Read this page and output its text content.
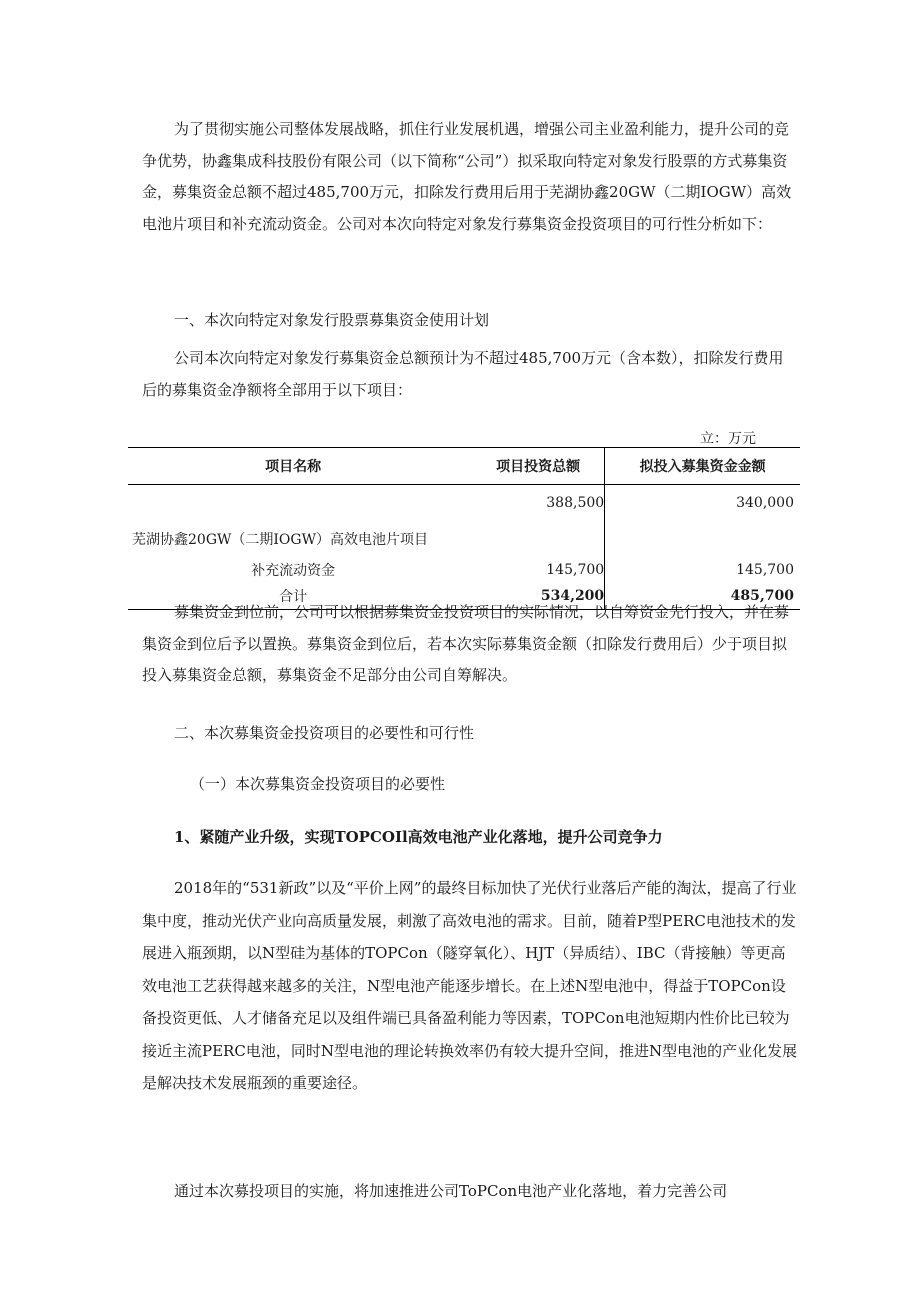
为了贯彻实施公司整体发展战略，抓住行业发展机遇，增强公司主业盈利能力，提升公司的竞争优势，协鑫集成科技股份有限公司（以下简称“公司”）拟采取向特定对象发行股票的方式募集资金，募集资金总额不超过485,700万元，扣除发行费用后用于芜湖协鑫20GW（二期IOGW）高效电池片项目和补充流动资金。公司对本次向特定对象发行募集资金投资项目的可行性分析如下：

一、本次向特定对象发行股票募集资金使用计划

公司本次向特定对象发行募集资金总额预计为不超过485,700万元（含本数），扣除发行费用后的募集资金净额将全部用于以下项目：

立：万元
项目名称	项目投资总额	拟投入募集资金金额
芜湖协鑫20GW（二期IOGW）高效电池片项目	388,500	340,000
补充流动资金	145,700	145,700
合计	534,200	485,700

募集资金到位前，公司可以根据募集资金投资项目的实际情况，以自筹资金先行投入，并在募集资金到位后予以置换。募集资金到位后，若本次实际募集资金额（扣除发行费用后）少于项目拟投入募集资金总额，募集资金不足部分由公司自筹解决。

二、本次募集资金投资项目的必要性和可行性

（一）本次募集资金投资项目的必要性

1、紧随产业升级，实现TOPCOIl高效电池产业化落地，提升公司竞争力

2018年的“531新政”以及“平价上网”的最终目标加快了光伏行业落后产能的淘汰，提高了行业集中度，推动光伏产业向高质量发展，刺激了高效电池的需求。目前，随着P型PERC电池技术的发展进入瓶颈期，以N型硅为基体的TOPCon（隧穿氧化）、HJT（异质结）、IBC（背接触）等更高效电池工艺获得越来越多的关注，N型电池产能逐步增长。在上述N型电池中，得益于TOPCon设备投资更低、人才储备充足以及组件端已具备盈利能力等因素，TOPCon电池短期内性价比已较为接近主流PERC电池，同时N型电池的理论转换效率仍有较大提升空间，推进N型电池的产业化发展是解决技术发展瓶颈的重要途径。

通过本次募投项目的实施，将加速推进公司ToPCon电池产业化落地，着力完善公司
